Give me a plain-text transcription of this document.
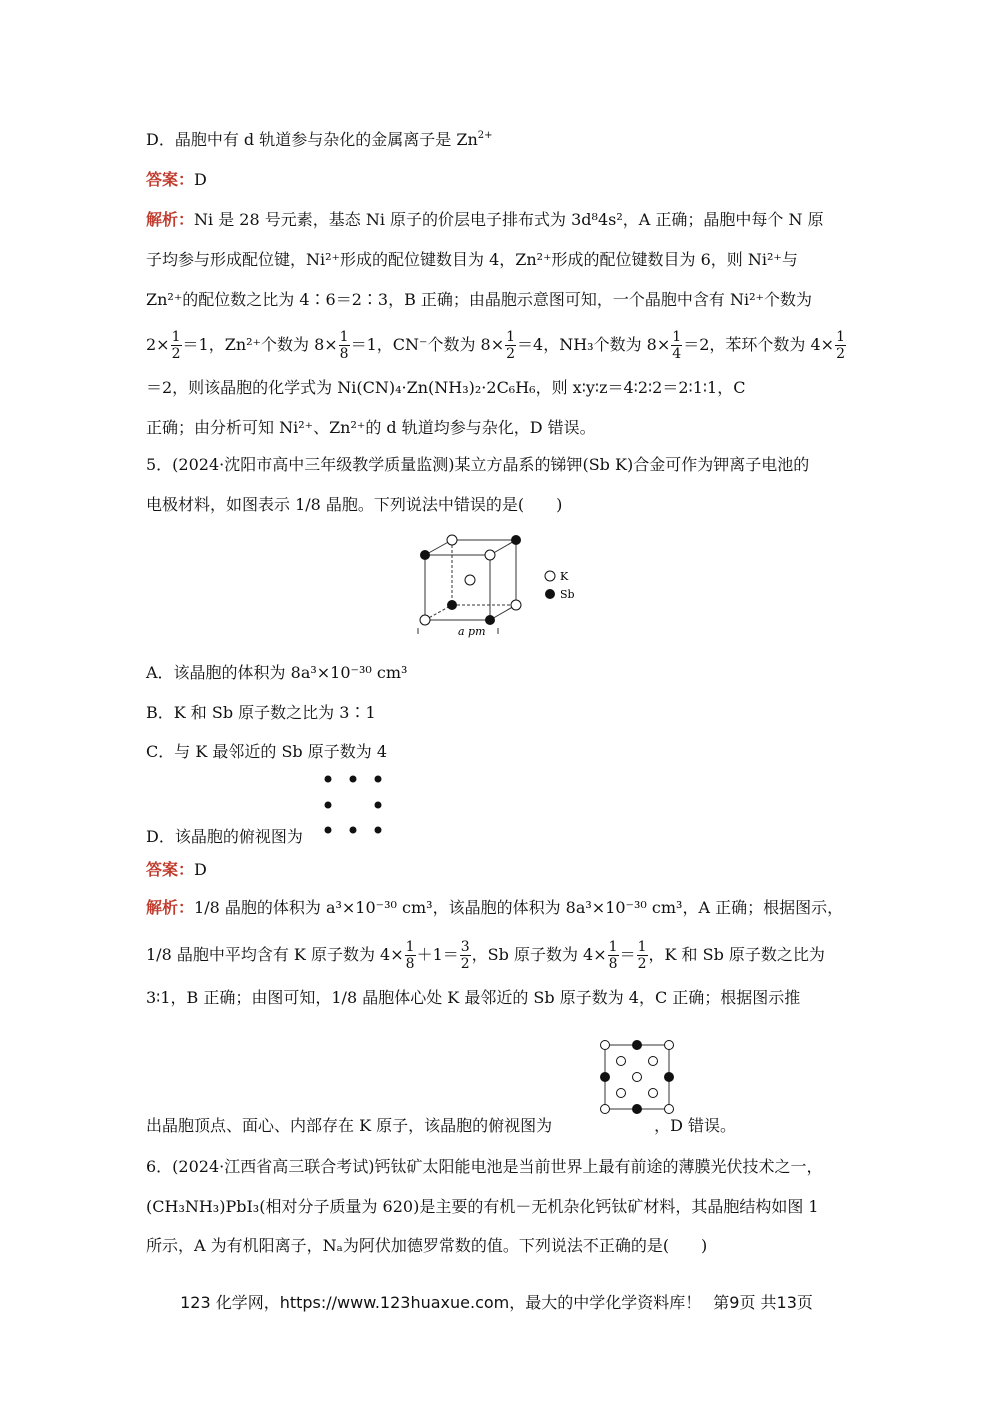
D．晶胞中有 d 轨道参与杂化的金属离子是 $Zn^{2+}$
答案：D
解析：Ni 是 28 号元素，基态 Ni 原子的价层电子排布式为 3d⁸4s²，A 正确；晶胞中每个 N 原
子均参与形成配位键，Ni²⁺形成的配位键数目为 4，Zn²⁺形成的配位键数目为 6，则 Ni²⁺与
Zn²⁺的配位数之比为 4∶6＝2∶3，B 正确；由晶胞示意图可知，一个晶胞中含有 Ni²⁺个数为
$2\times \frac{1}{2} =1$，Zn²⁺个数为 $8\times \frac{1}{8} =1$，CN⁻个数为 $8\times \frac{1}{2} =4$，NH₃个数为 $8\times \frac{1}{4} =2$，苯环个数为 $4\times \frac{1}{2}$
＝2，则该晶胞的化学式为 Ni(CN)₄·Zn(NH₃)₂·2C₆H₆，则 x∶y∶z＝4∶2∶2＝2∶1∶1，C
正确；由分析可知 Ni²⁺、Zn²⁺的 d 轨道均参与杂化，D 错误。
5．(2024·沈阳市高中三年级教学质量监测)某立方晶系的锑钾(Sb K)合金可作为钾离子电池的
电极材料，如图表示 1/8 晶胞。下列说法中错误的是(　　)
a pm
K
Sb
A．该晶胞的体积为 8a³×10⁻³⁰ cm³
B．K 和 Sb 原子数之比为 3∶1
C．与 K 最邻近的 Sb 原子数为 4
D．该晶胞的俯视图为
答案：D
解析：1/8 晶胞的体积为 a³×10⁻³⁰ cm³，该晶胞的体积为 8a³×10⁻³⁰ cm³，A 正确；根据图示，
1/8 晶胞中平均含有 K 原子数为 $4\times \frac{1}{8} +1= \frac{3}{2}$ ，Sb 原子数为 $4\times \frac{1}{8} = \frac{1}{2}$ ，K 和 Sb 原子数之比为
3∶1，B 正确；由图可知，1/8 晶胞体心处 K 最邻近的 Sb 原子数为 4，C 正确；根据图示推
出晶胞顶点、面心、内部存在 K 原子，该晶胞的俯视图为	，D 错误。
6．(2024·江西省高三联合考试)钙钛矿太阳能电池是当前世界上最有前途的薄膜光伏技术之一，
(CH₃NH₃)PbI₃(相对分子质量为 620)是主要的有机－无机杂化钙钛矿材料，其晶胞结构如图 1
所示，A 为有机阳离子，Nₐ为阿伏加德罗常数的值。下列说法不正确的是(　　)
123 化学网，https://www.123huaxue.com，最大的中学化学资料库！ 第9页 共13页
